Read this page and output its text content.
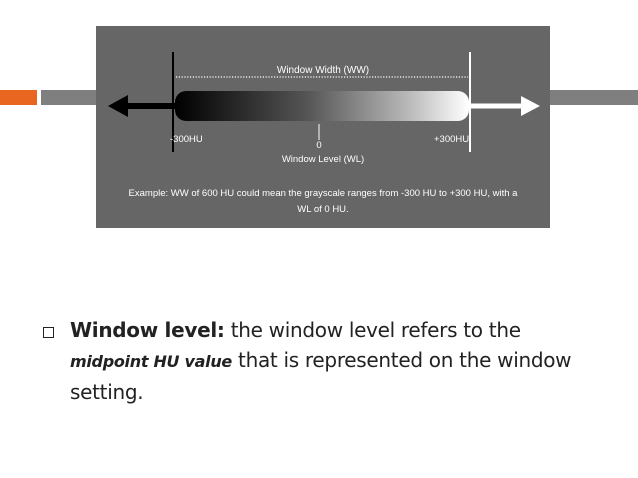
Window Width (WW)
-300HU	+300HU
0
Window Level (WL)
Example: WW of 600 HU could mean the grayscale ranges from -300 HU to +300 HU, with a WL of 0 HU.
Window level: the window level refers to the midpoint HU value that is represented on the window setting.
